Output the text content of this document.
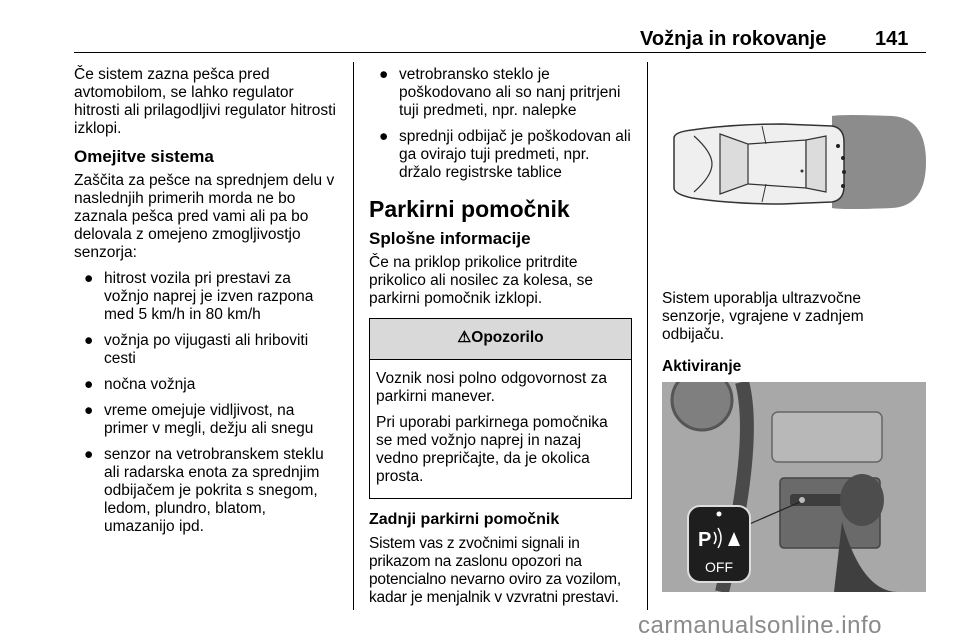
Vožnja in rokovanje 141

Če sistem zazna pešca pred avtomobilom, se lahko regulator hitrosti ali prilagodljivi regulator hitrosti izklopi.

Omejitve sistema

Zaščita za pešce na sprednjem delu v naslednjih primerih morda ne bo zaznala pešca pred vami ali pa bo delovala z omejeno zmogljivostjo senzorja:

● hitrost vozila pri prestavi za vožnjo naprej je izven razpona med 5 km/h in 80 km/h
● vožnja po vijugasti ali hriboviti cesti
● nočna vožnja
● vreme omejuje vidljivost, na primer v megli, dežju ali snegu
● senzor na vetrobranskem steklu ali radarska enota za sprednjim odbijačem je pokrita s snegom, ledom, plundro, blatom, umazanijo ipd.
● vetrobransko steklo je poškodovano ali so nanj pritrjeni tuji predmeti, npr. nalepke
● sprednji odbijač je poškodovan ali ga ovirajo tuji predmeti, npr. držalo registrske tablice
Parkirni pomočnik
Splošne informacije

Če na priklop prikolice pritrdite prikolico ali nosilec za kolesa, se parkirni pomočnik izklopi.

⚠Opozorilo

Voznik nosi polno odgovornost za parkirni manever.

Pri uporabi parkirnega pomočnika se med vožnjo naprej in nazaj vedno prepričajte, da je okolica prosta.

Zadnji parkirni pomočnik

Sistem vas z zvočnimi signali in prikazom na zaslonu opozori na potencialno nevarno oviro za vozilom, kadar je menjalnik v vzvratni prestavi.

Sistem uporablja ultrazvočne senzorje, vgrajene v zadnjem odbijaču.

Aktiviranje
P
OFF
carmanualsonline.info
